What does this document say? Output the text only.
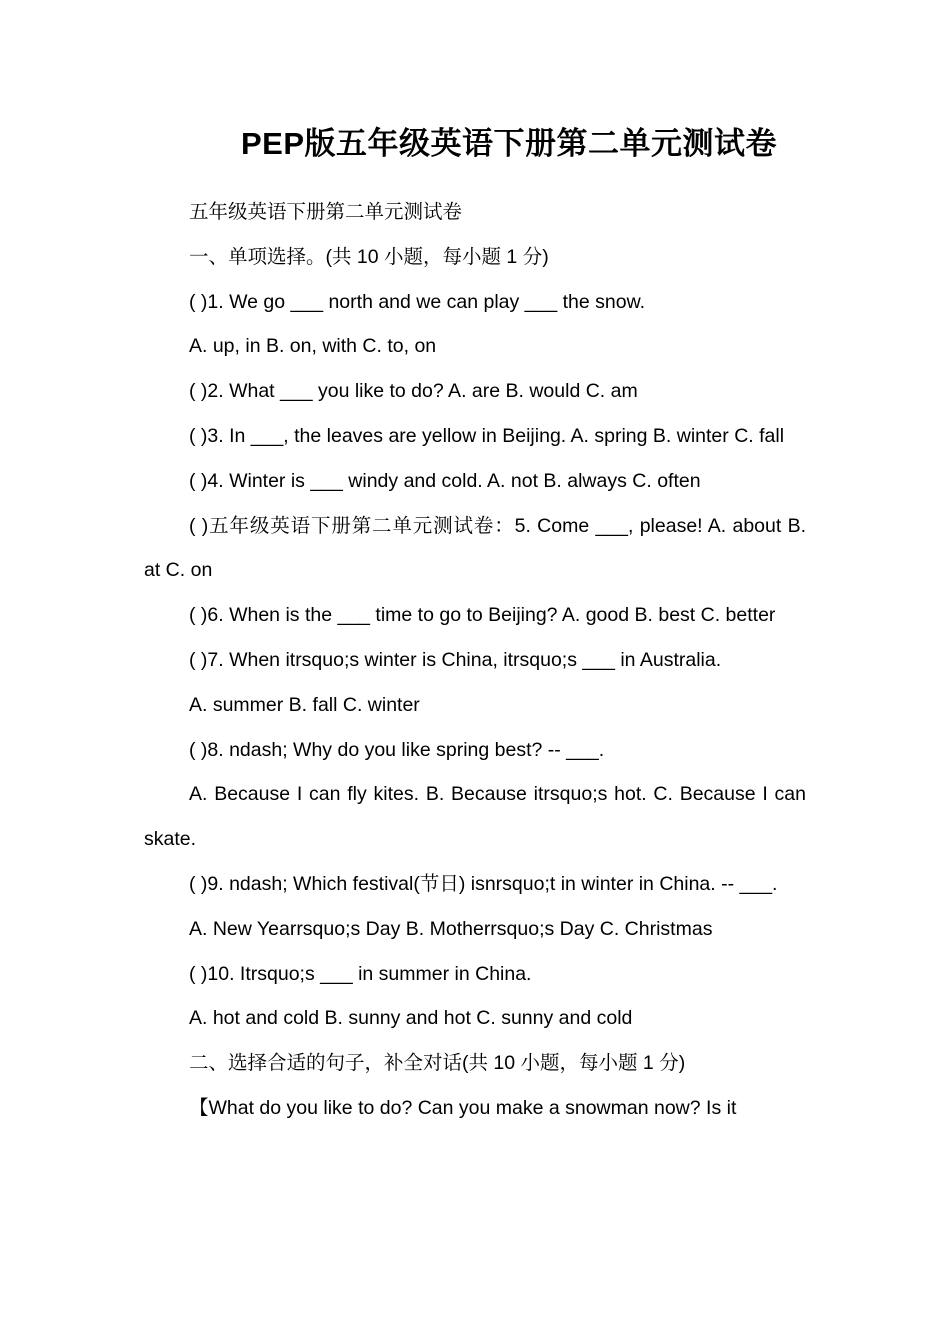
PEP版五年级英语下册第二单元测试卷

五年级英语下册第二单元测试卷

一、单项选择。(共 10 小题，每小题 1 分)

( )1. We go ___ north and we can play ___ the snow.

A. up, in B. on, with C. to, on

( )2. What ___ you like to do? A. are B. would C. am

( )3. In ___, the leaves are yellow in Beijing. A. spring B. winter C. fall

( )4. Winter is ___ windy and cold. A. not B. always C. often

( )五年级英语下册第二单元测试卷：5. Come ___, please! A. about B. at C. on

( )6. When is the ___ time to go to Beijing? A. good B. best C. better

( )7. When itrsquo;s winter is China, itrsquo;s ___ in Australia.

A. summer B. fall C. winter

( )8. ndash; Why do you like spring best? -- ___.

A. Because I can fly kites. B. Because itrsquo;s hot. C. Because I can skate.

( )9. ndash; Which festival(节日) isnrsquo;t in winter in China. -- ___.

A. New Yearrsquo;s Day B. Motherrsquo;s Day C. Christmas

( )10. Itrsquo;s ___ in summer in China.

A. hot and cold B. sunny and hot C. sunny and cold

二、选择合适的句子，补全对话(共 10 小题，每小题 1 分)

【What do you like to do? Can you make a snowman now? Is it
